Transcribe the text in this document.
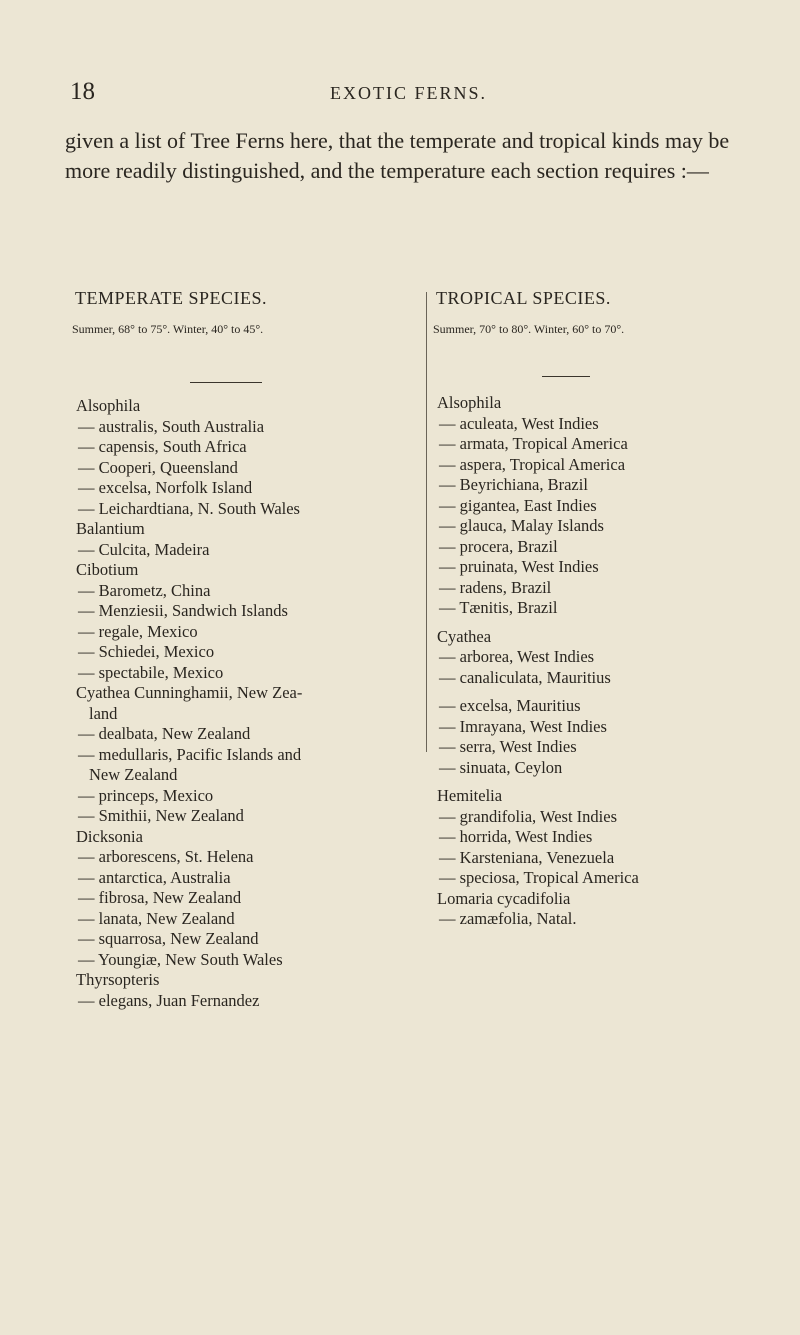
18	EXOTIC FERNS.

given a list of Tree Ferns here, that the temperate and tropical kinds may be more readily distinguished, and the temperature each section requires :—

TEMPERATE SPECIES.	TROPICAL SPECIES.
Summer, 68° to 75°. Winter, 40° to 45°.	Summer, 70° to 80°. Winter, 60° to 70°.
Alsophila
— australis, South Australia
— capensis, South Africa
— Cooperi, Queensland
— excelsa, Norfolk Island
— Leichardtiana, N. South Wales
Balantium
— Culcita, Madeira
Cibotium
— Barometz, China
— Menziesii, Sandwich Islands
— regale, Mexico
— Schiedei, Mexico
— spectabile, Mexico
Cyathea Cunninghamii, New Zea-
land
— dealbata, New Zealand
— medullaris, Pacific Islands and
New Zealand
— princeps, Mexico
— Smithii, New Zealand
Dicksonia
— arborescens, St. Helena
— antarctica, Australia
— fibrosa, New Zealand
— lanata, New Zealand
— squarrosa, New Zealand
— Youngiæ, New South Wales
Thyrsopteris
— elegans, Juan Fernandez
Alsophila
— aculeata, West Indies
— armata, Tropical America
— aspera, Tropical America
— Beyrichiana, Brazil
— gigantea, East Indies
— glauca, Malay Islands
— procera, Brazil
— pruinata, West Indies
— radens, Brazil
— Tænitis, Brazil
Cyathea
— arborea, West Indies
— canaliculata, Mauritius
— excelsa, Mauritius
— Imrayana, West Indies
— serra, West Indies
— sinuata, Ceylon
Hemitelia
— grandifolia, West Indies
— horrida, West Indies
— Karsteniana, Venezuela
— speciosa, Tropical America
Lomaria cycadifolia
— zamæfolia, Natal.
